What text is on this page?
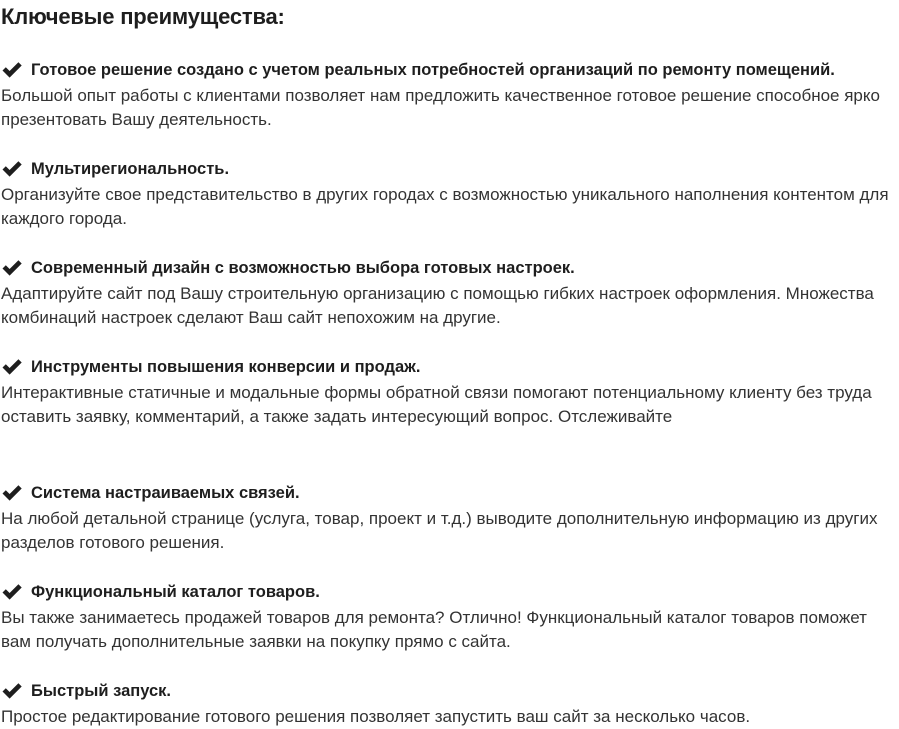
Ключевые преимущества:
Готовое решение создано с учетом реальных потребностей организаций по ремонту помещений.

Большой опыт работы с клиентами позволяет нам предложить качественное готовое решение способное ярко презентовать Вашу деятельность.

Мультирегиональность.

Организуйте свое представительство в других городах с возможностью уникального наполнения контентом для каждого города.

Современный дизайн с возможностью выбора готовых настроек.

Адаптируйте сайт под Вашу строительную организацию с помощью гибких настроек оформления. Множества комбинаций настроек сделают Ваш сайт непохожим на другие.

Инструменты повышения конверсии и продаж.

Интерактивные статичные и модальные формы обратной связи помогают потенциальному клиенту без труда оставить заявку, комментарий, а также задать интересующий вопрос. Отслеживайте

Система настраиваемых связей.

На любой детальной странице (услуга, товар, проект и т.д.) выводите дополнительную информацию из других разделов готового решения.

Функциональный каталог товаров.

Вы также занимаетесь продажей товаров для ремонта? Отлично! Функциональный каталог товаров поможет вам получать дополнительные заявки на покупку прямо с сайта.

Быстрый запуск.

Простое редактирование готового решения позволяет запустить ваш сайт за несколько часов.
